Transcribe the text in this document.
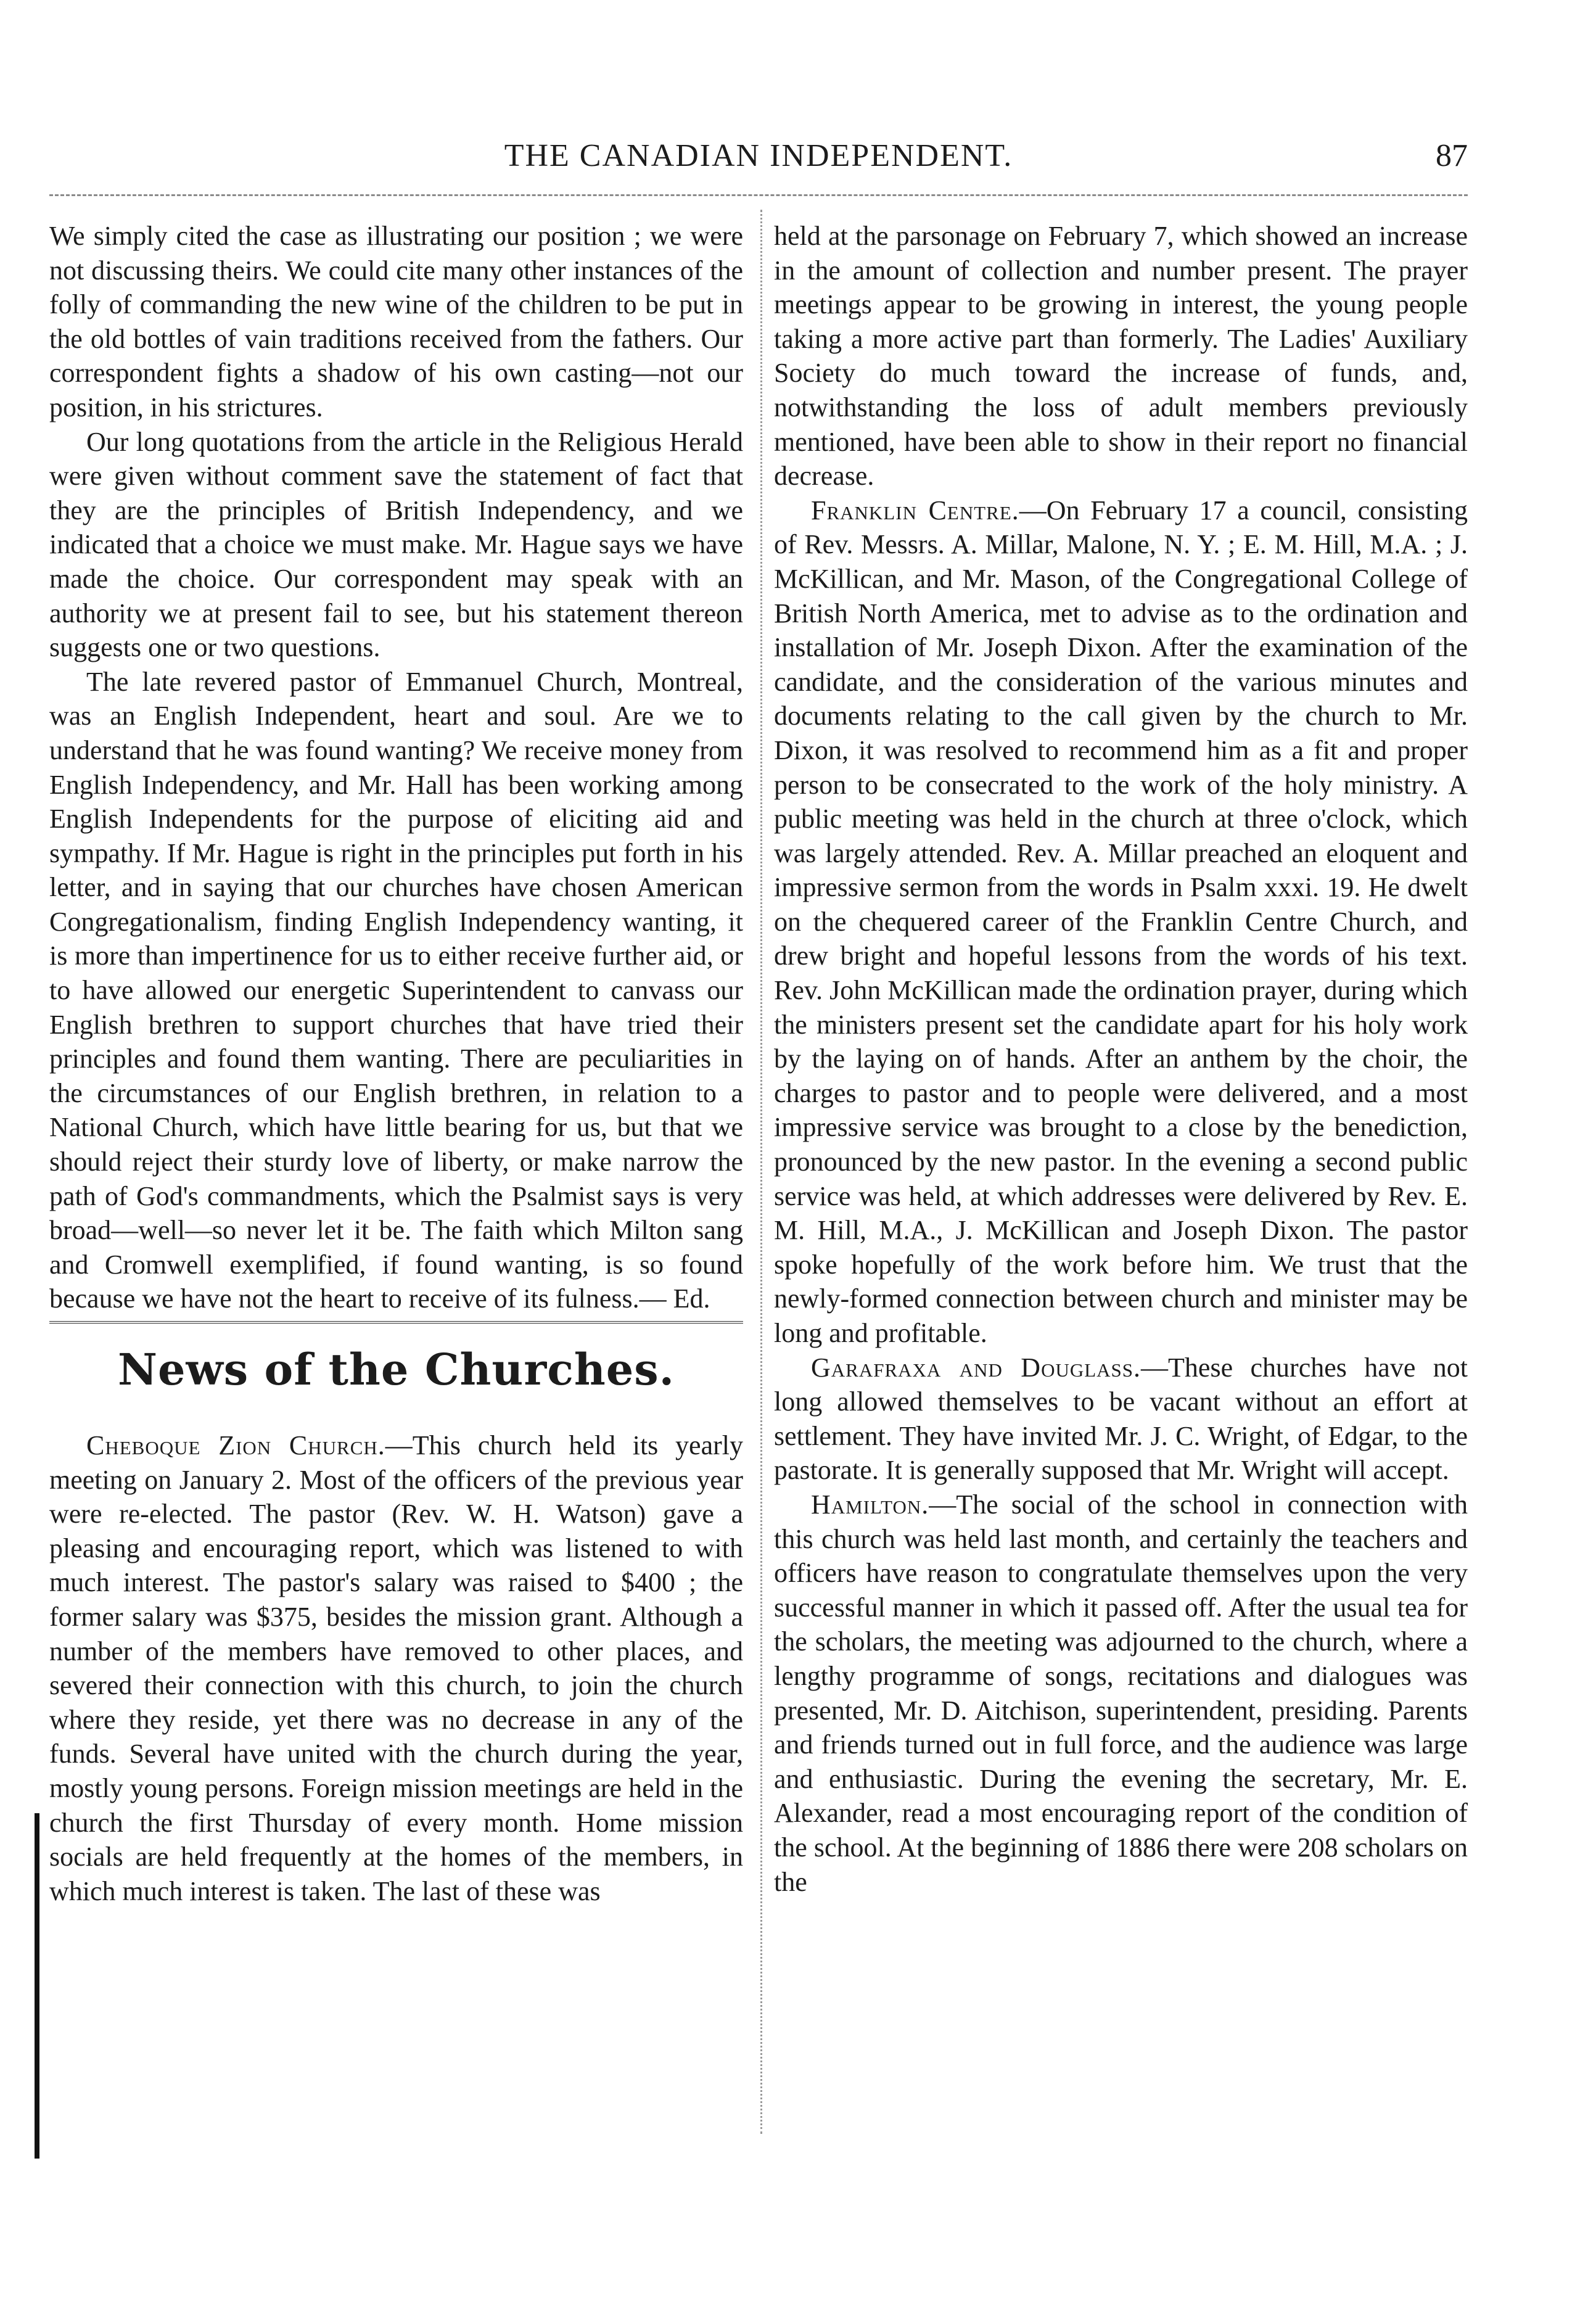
THE CANADIAN INDEPENDENT.	87

We simply cited the case as illustrating our position ; we were not discussing theirs. We could cite many other instances of the folly of commanding the new wine of the children to be put in the old bottles of vain traditions received from the fathers. Our correspondent fights a shadow of his own casting—not our position, in his strictures.

Our long quotations from the article in the Religious Herald were given without comment save the statement of fact that they are the principles of British Independency, and we indicated that a choice we must make. Mr. Hague says we have made the choice. Our correspondent may speak with an authority we at present fail to see, but his statement thereon suggests one or two questions.

The late revered pastor of Emmanuel Church, Montreal, was an English Independent, heart and soul. Are we to understand that he was found wanting? We receive money from English Independency, and Mr. Hall has been working among English Independents for the purpose of eliciting aid and sympathy. If Mr. Hague is right in the principles put forth in his letter, and in saying that our churches have chosen American Congregationalism, finding English Independency wanting, it is more than impertinence for us to either receive further aid, or to have allowed our energetic Superintendent to canvass our English brethren to support churches that have tried their principles and found them wanting. There are peculiarities in the circumstances of our English brethren, in relation to a National Church, which have little bearing for us, but that we should reject their sturdy love of liberty, or make narrow the path of God's commandments, which the Psalmist says is very broad—well—so never let it be. The faith which Milton sang and Cromwell exemplified, if found wanting, is so found because we have not the heart to receive of its fulness.— Ed.

News of the Churches.

Cheboque Zion Church.—This church held its yearly meeting on January 2. Most of the officers of the previous year were re-elected. The pastor (Rev. W. H. Watson) gave a pleasing and encouraging report, which was listened to with much interest. The pastor's salary was raised to $400 ; the former salary was $375, besides the mission grant. Although a number of the members have removed to other places, and severed their connection with this church, to join the church where they reside, yet there was no decrease in any of the funds. Several have united with the church during the year, mostly young persons. Foreign mission meetings are held in the church the first Thursday of every month. Home mission socials are held frequently at the homes of the members, in which much interest is taken. The last of these was

held at the parsonage on February 7, which showed an increase in the amount of collection and number present. The prayer meetings appear to be growing in interest, the young people taking a more active part than formerly. The Ladies' Auxiliary Society do much toward the increase of funds, and, notwithstanding the loss of adult members previously mentioned, have been able to show in their report no financial decrease.

Franklin Centre.—On February 17 a council, consisting of Rev. Messrs. A. Millar, Malone, N. Y. ; E. M. Hill, M.A. ; J. McKillican, and Mr. Mason, of the Congregational College of British North America, met to advise as to the ordination and installation of Mr. Joseph Dixon. After the examination of the candidate, and the consideration of the various minutes and documents relating to the call given by the church to Mr. Dixon, it was resolved to recommend him as a fit and proper person to be consecrated to the work of the holy ministry. A public meeting was held in the church at three o'clock, which was largely attended. Rev. A. Millar preached an eloquent and impressive sermon from the words in Psalm xxxi. 19. He dwelt on the chequered career of the Franklin Centre Church, and drew bright and hopeful lessons from the words of his text. Rev. John McKillican made the ordination prayer, during which the ministers present set the candidate apart for his holy work by the laying on of hands. After an anthem by the choir, the charges to pastor and to people were delivered, and a most impressive service was brought to a close by the benediction, pronounced by the new pastor. In the evening a second public service was held, at which addresses were delivered by Rev. E. M. Hill, M.A., J. McKillican and Joseph Dixon. The pastor spoke hopefully of the work before him. We trust that the newly-formed connection between church and minister may be long and profitable.

Garafraxa and Douglass.—These churches have not long allowed themselves to be vacant without an effort at settlement. They have invited Mr. J. C. Wright, of Edgar, to the pastorate. It is generally supposed that Mr. Wright will accept.

Hamilton.—The social of the school in connection with this church was held last month, and certainly the teachers and officers have reason to congratulate themselves upon the very successful manner in which it passed off. After the usual tea for the scholars, the meeting was adjourned to the church, where a lengthy programme of songs, recitations and dialogues was presented, Mr. D. Aitchison, superintendent, presiding. Parents and friends turned out in full force, and the audience was large and enthusiastic. During the evening the secretary, Mr. E. Alexander, read a most encouraging report of the condition of the school. At the beginning of 1886 there were 208 scholars on the
